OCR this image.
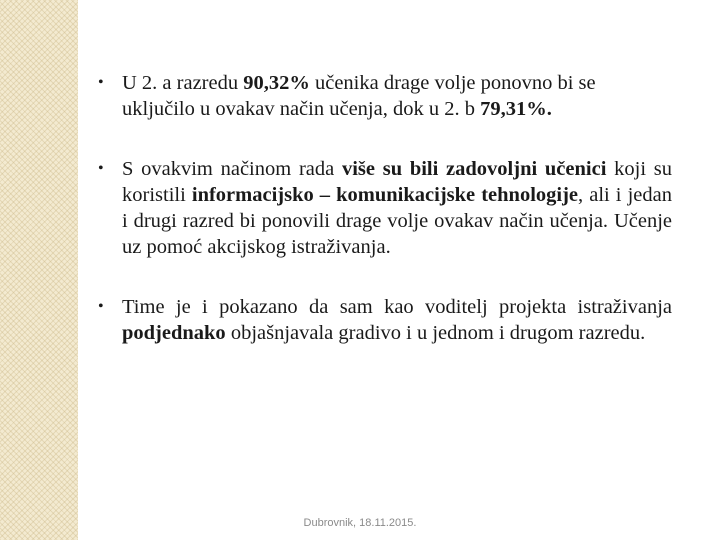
• U 2. a razredu 90,32% učenika drage volje ponovno bi se uključilo u ovakav način učenja, dok u 2. b 79,31%.
• S ovakvim načinom rada više su bili zadovoljni učenici koji su koristili informacijsko – komunikacijske tehnologije, ali i jedan i drugi razred bi ponovili drage volje ovakav način učenja. Učenje uz pomoć akcijskog istraživanja.
• Time je i pokazano da sam kao voditelj projekta istraživanja podjednako objašnjavala gradivo i u jednom i drugom razredu.
Dubrovnik, 18.11.2015.
